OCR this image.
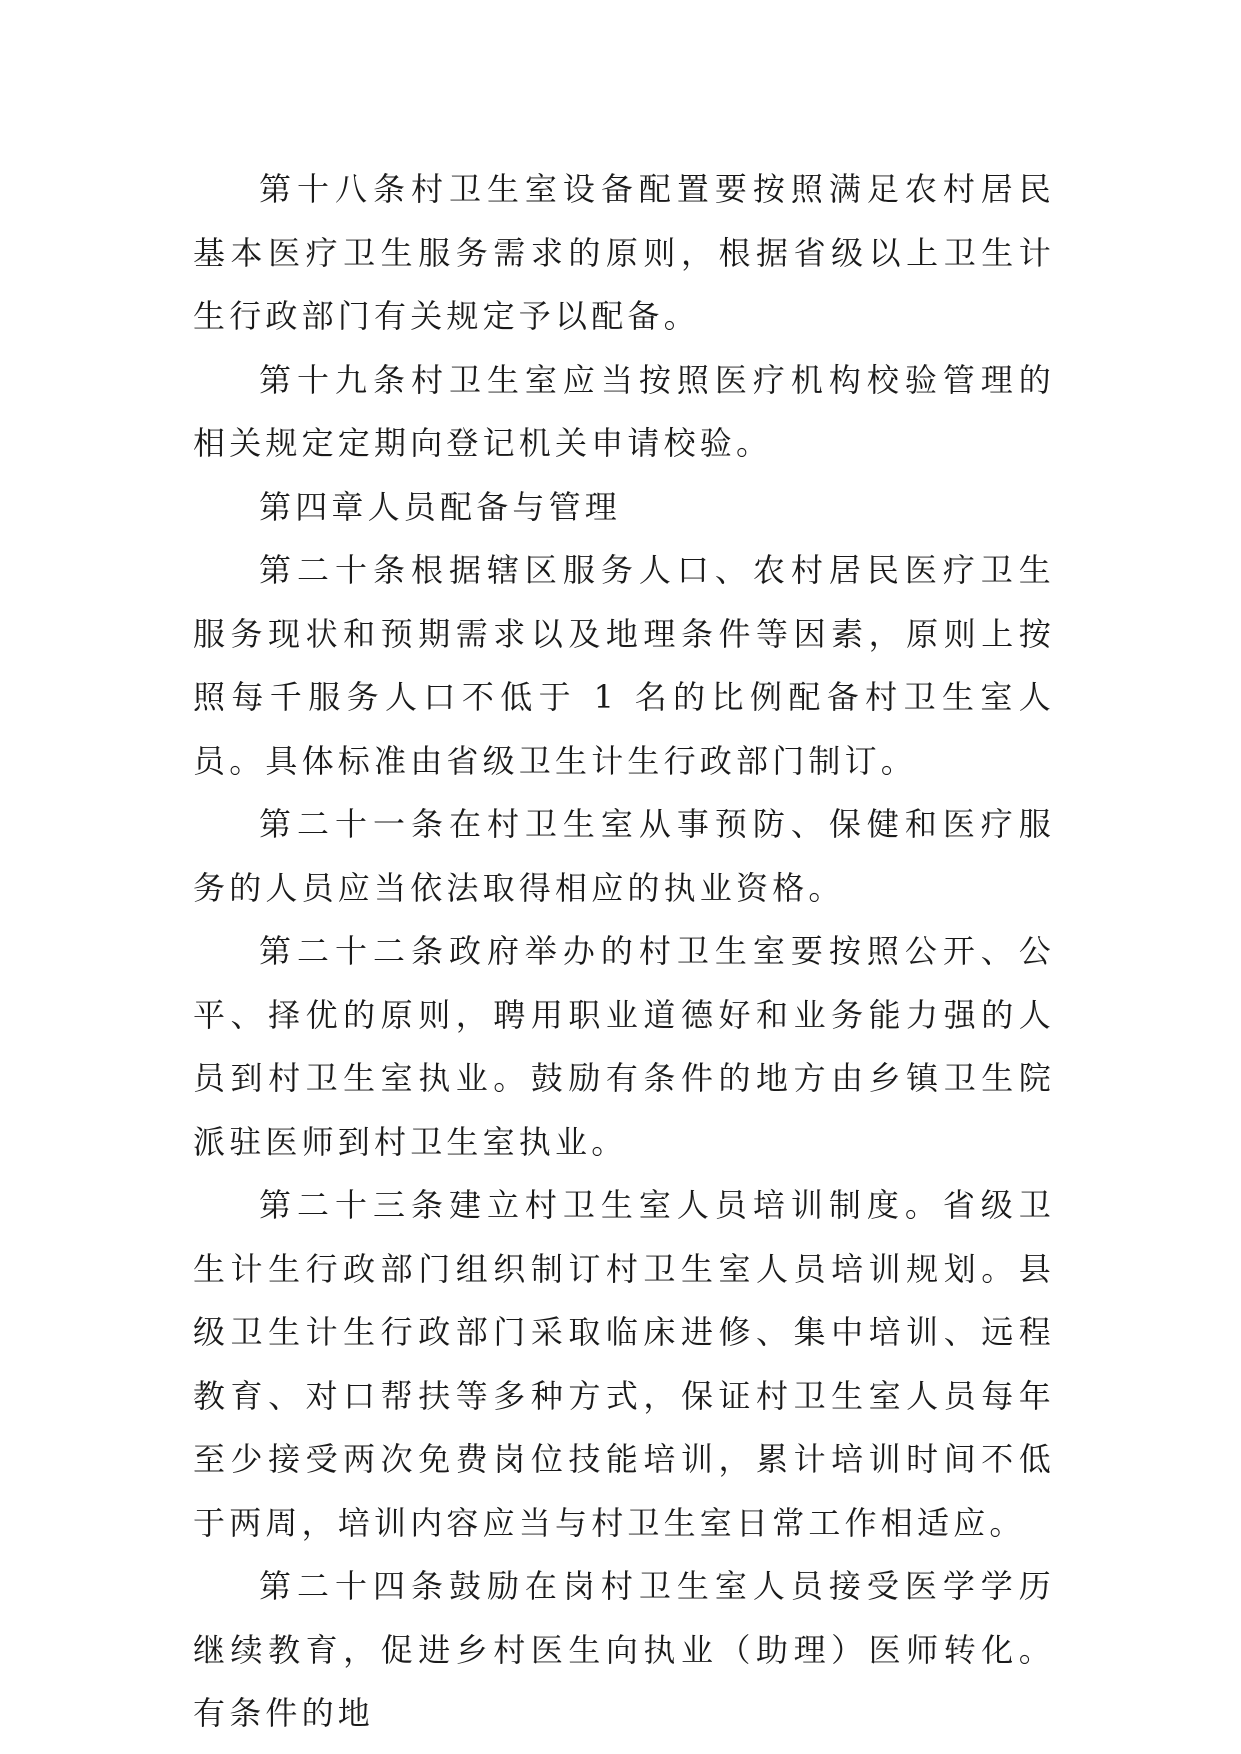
第十八条村卫生室设备配置要按照满足农村居民基本医疗卫生服务需求的原则，根据省级以上卫生计生行政部门有关规定予以配备。

第十九条村卫生室应当按照医疗机构校验管理的相关规定定期向登记机关申请校验。

第四章人员配备与管理

第二十条根据辖区服务人口、农村居民医疗卫生服务现状和预期需求以及地理条件等因素，原则上按照每千服务人口不低于 1 名的比例配备村卫生室人员。具体标准由省级卫生计生行政部门制订。

第二十一条在村卫生室从事预防、保健和医疗服务的人员应当依法取得相应的执业资格。

第二十二条政府举办的村卫生室要按照公开、公平、择优的原则，聘用职业道德好和业务能力强的人员到村卫生室执业。鼓励有条件的地方由乡镇卫生院派驻医师到村卫生室执业。

第二十三条建立村卫生室人员培训制度。省级卫生计生行政部门组织制订村卫生室人员培训规划。县级卫生计生行政部门采取临床进修、集中培训、远程教育、对口帮扶等多种方式，保证村卫生室人员每年至少接受两次免费岗位技能培训，累计培训时间不低于两周，培训内容应当与村卫生室日常工作相适应。

第二十四条鼓励在岗村卫生室人员接受医学学历继续教育，促进乡村医生向执业（助理）医师转化。有条件的地
